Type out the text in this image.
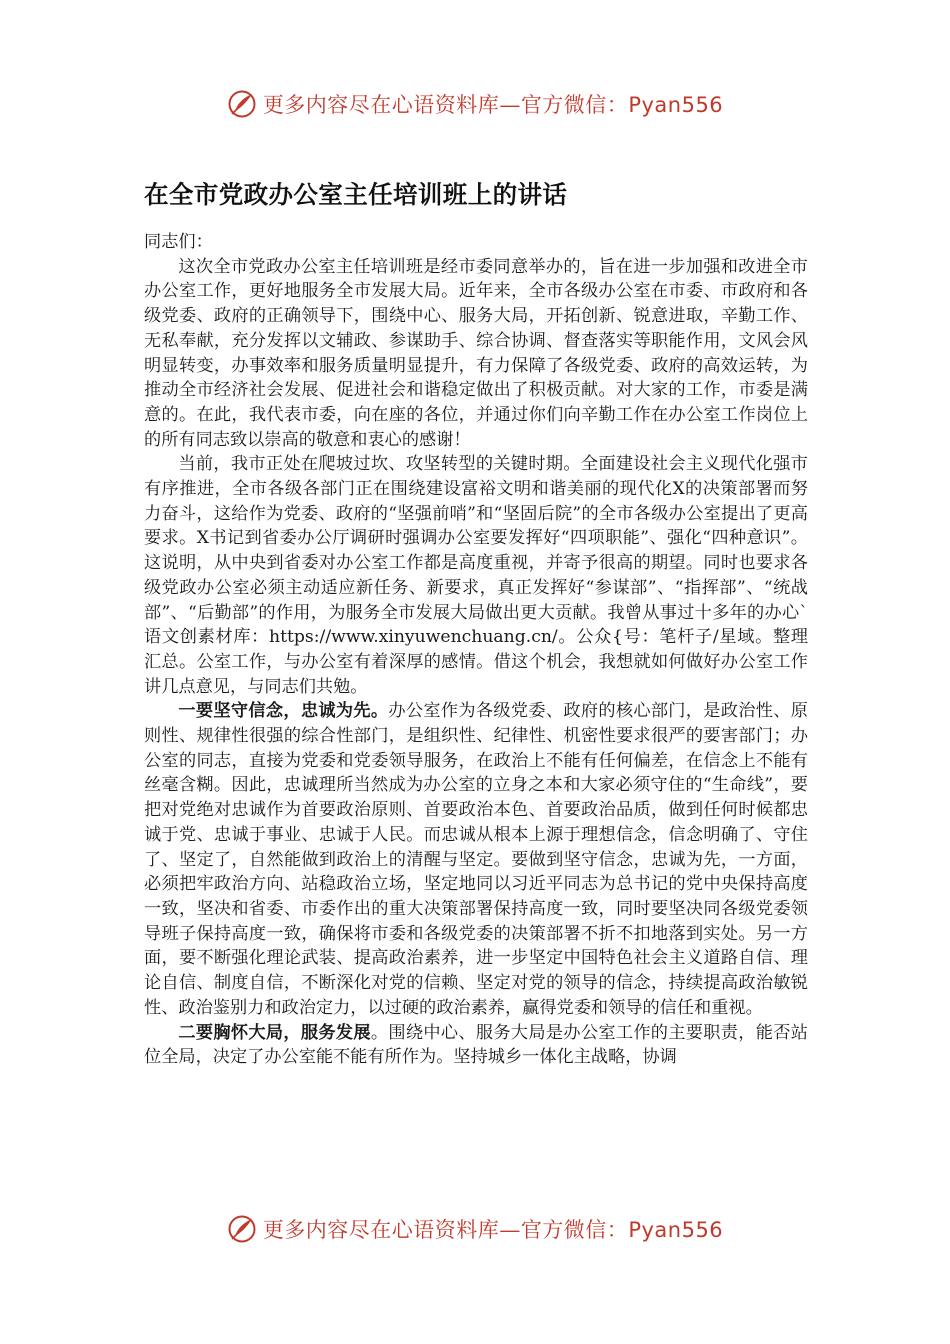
更多内容尽在心语资料库—官方微信：Pyan556
在全市党政办公室主任培训班上的讲话

同志们：

这次全市党政办公室主任培训班是经市委同意举办的，旨在进一步加强和改进全市办公室工作，更好地服务全市发展大局。近年来，全市各级办公室在市委、市政府和各级党委、政府的正确领导下，围绕中心、服务大局，开拓创新、锐意进取，辛勤工作、无私奉献，充分发挥以文辅政、参谋助手、综合协调、督查落实等职能作用，文风会风明显转变，办事效率和服务质量明显提升，有力保障了各级党委、政府的高效运转，为推动全市经济社会发展、促进社会和谐稳定做出了积极贡献。对大家的工作，市委是满意的。在此，我代表市委，向在座的各位，并通过你们向辛勤工作在办公室工作岗位上的所有同志致以崇高的敬意和衷心的感谢！

当前，我市正处在爬坡过坎、攻坚转型的关键时期。全面建设社会主义现代化强市有序推进，全市各级各部门正在围绕建设富裕文明和谐美丽的现代化X的决策部署而努力奋斗，这给作为党委、政府的“坚强前哨”和“坚固后院”的全市各级办公室提出了更高要求。X书记到省委办公厅调研时强调办公室要发挥好“四项职能”、强化“四种意识”。这说明，从中央到省委对办公室工作都是高度重视，并寄予很高的期望。同时也要求各级党政办公室必须主动适应新任务、新要求，真正发挥好“参谋部”、“指挥部”、“统战部”、“后勤部”的作用，为服务全市发展大局做出更大贡献。我曾从事过十多年的办心`语文创素材库：https://www.xinyuwenchuang.cn/。公众{号：笔杆子/星域。整理汇总。公室工作，与办公室有着深厚的感情。借这个机会，我想就如何做好办公室工作讲几点意见，与同志们共勉。

一要坚守信念，忠诚为先。办公室作为各级党委、政府的核心部门，是政治性、原则性、规律性很强的综合性部门，是组织性、纪律性、机密性要求很严的要害部门；办公室的同志，直接为党委和党委领导服务，在政治上不能有任何偏差，在信念上不能有丝毫含糊。因此，忠诚理所当然成为办公室的立身之本和大家必须守住的“生命线”，要把对党绝对忠诚作为首要政治原则、首要政治本色、首要政治品质，做到任何时候都忠诚于党、忠诚于事业、忠诚于人民。而忠诚从根本上源于理想信念，信念明确了、守住了、坚定了，自然能做到政治上的清醒与坚定。要做到坚守信念，忠诚为先，一方面，必须把牢政治方向、站稳政治立场，坚定地同以习近平同志为总书记的党中央保持高度一致，坚决和省委、市委作出的重大决策部署保持高度一致，同时要坚决同各级党委领导班子保持高度一致，确保将市委和各级党委的决策部署不折不扣地落到实处。另一方面，要不断强化理论武装、提高政治素养，进一步坚定中国特色社会主义道路自信、理论自信、制度自信，不断深化对党的信赖、坚定对党的领导的信念，持续提高政治敏锐性、政治鉴别力和政治定力，以过硬的政治素养，赢得党委和领导的信任和重视。

二要胸怀大局，服务发展。围绕中心、服务大局是办公室工作的主要职责，能否站位全局，决定了办公室能不能有所作为。坚持城乡一体化主战略，协调

更多内容尽在心语资料库—官方微信：Pyan556
